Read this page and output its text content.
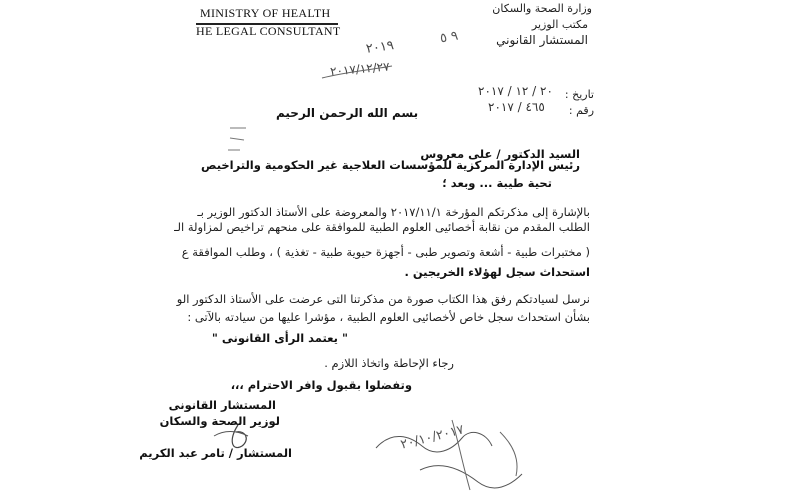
MINISTRY OF HEALTH
HE LEGAL CONSULTANT
وزارة الصحة والسكان
مكتب الوزير
المستشار القانوني
٢٠١٩
٢٠١٧/١٢/٢٧
٩ ٥
تاريخ :
٢٠ / ١٢ / ٢٠١٧
رقم :
٤٦٥ / ٢٠١٧
بسم الله الرحمن الرحيم
السيد الدكتور / على معروس
رئيس الإدارة المركزية للمؤسسات العلاجية غير الحكومية والتراخيص
تحية طيبة ... وبعد ؛
بالإشارة إلى مذكرتكم المؤرخة ٢٠١٧/١١/١ والمعروضة على الأستاذ الدكتور الوزير بـ
الطلب المقدم من نقابة أخصائيى العلوم الطبية للموافقة على منحهم تراخيص لمزاولة الـ
( مختبرات طبية - أشعة وتصوير طبى - أجهزة حيوية طبية - تغذية ) ، وطلب الموافقة ع
استحداث سجل لهؤلاء الخريجين .
نرسل لسيادتكم رفق هذا الكتاب صورة من مذكرتنا التى عرضت على الأستاذ الدكتور الو
بشأن استحداث سجل خاص لأخصائيى العلوم الطبية ، مؤشرا عليها من سيادته بالآتى :
" يعتمد الرأى القانونى "
رجاء الإحاطة واتخاذ اللازم .
وتفضلوا بقبول وافر الاحترام ،،،
المستشار القانونى
لوزير الصحة والسكان
المستشار / تامر عبد الكريم
٢٠/١٠/٢٠١٧
